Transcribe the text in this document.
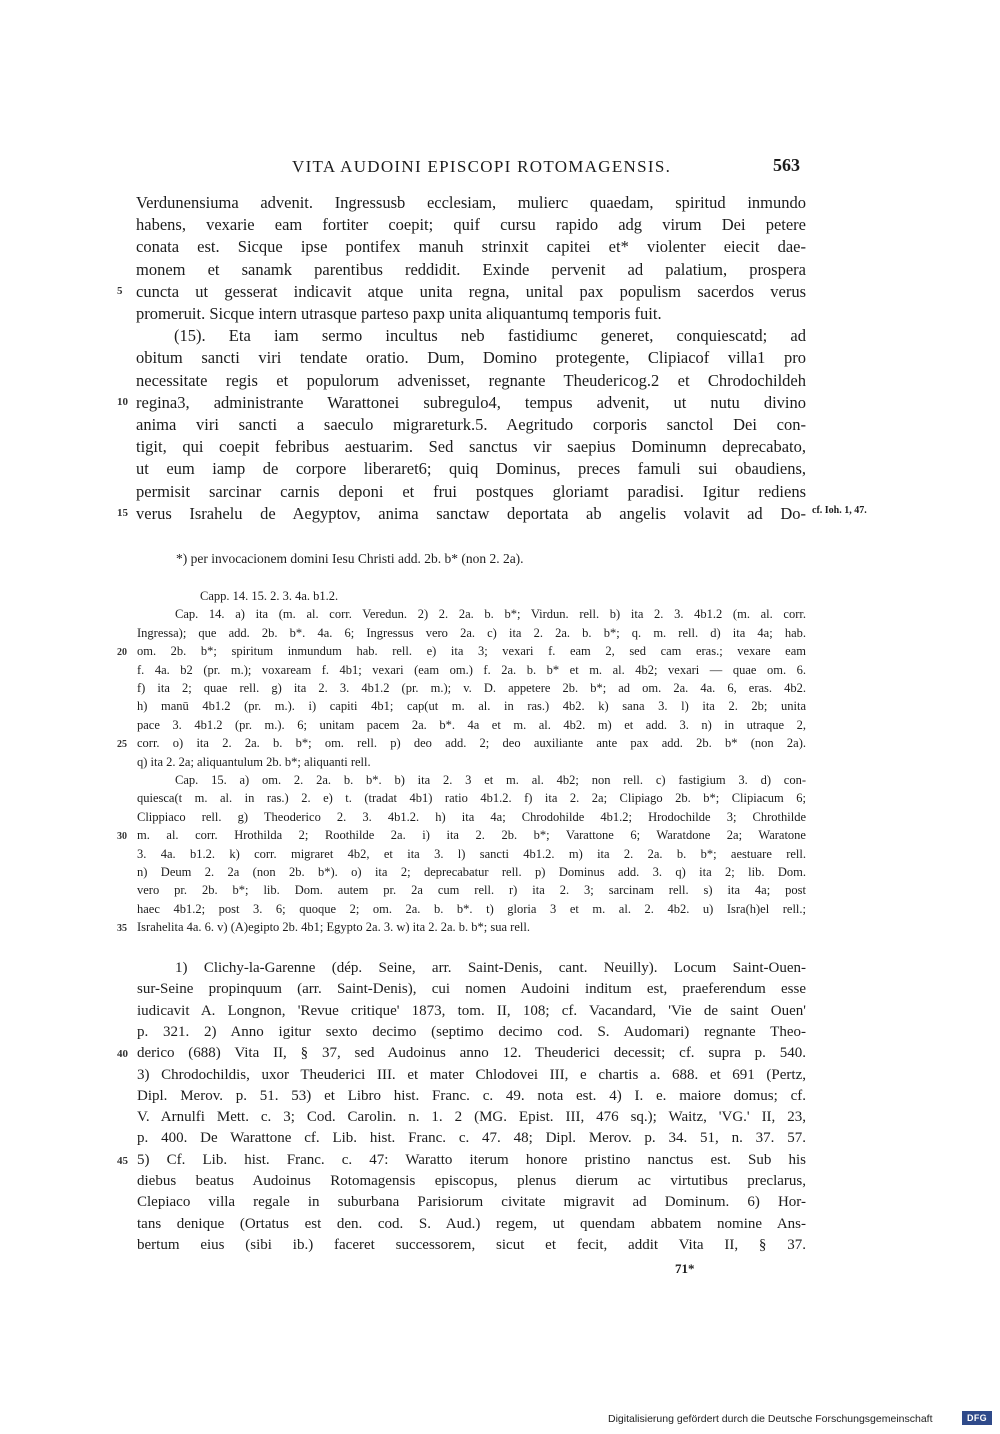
VITA AUDOINI EPISCOPI ROTOMAGENSIS.	563
Verdunensiuma advenit. Ingressusb ecclesiam, mulierc quaedam, spiritud inmundo
habens, vexarie eam fortiter coepit; quif cursu rapido adg virum Dei petere
conata est. Sicque ipse pontifex manuh strinxit capitei et* violenter eiecit dae-
monem et sanamk parentibus reddidit. Exinde pervenit ad palatium, prospera
cuncta ut gesserat indicavit atque unita regna, unital pax populism sacerdos verus
5
promeruit. Sicque intern utrasque parteso paxp unita aliquantumq temporis fuit.
(15). Eta iam sermo incultus neb fastidiumc generet, conquiescatd; ad
obitum sancti viri tendate oratio. Dum, Domino protegente, Clipiacof villa1 pro
necessitate regis et populorum advenisset, regnante Theudericog.2 et Chrodochildeh
regina3, administrante Warattonei subregulo4, tempus advenit, ut nutu divino
10
anima viri sancti a saeculo migrareturk.5. Aegritudo corporis sanctol Dei con-
tigit, qui coepit febribus aestuarim. Sed sanctus vir saepius Dominumn deprecabato,
ut eum iamp de corpore liberaret6; quiq Dominus, preces famuli sui obaudiens,
permisit sarcinar carnis deponi et frui postques gloriamt paradisi. Igitur rediens
verus Israhelu de Aegyptov, anima sanctaw deportata ab angelis volavit ad Do-
15	cf. Ioh. 1, 47.
*) per invocacionem domini Iesu Christi add. 2b. b* (non 2. 2a).
Capp. 14. 15. 2. 3. 4a. b1.2.
Cap. 14. a) ita (m. al. corr. Veredun. 2) 2. 2a. b. b*; Virdun. rell. b) ita 2. 3. 4b1.2 (m. al. corr.
Ingressa); que add. 2b. b*. 4a. 6; Ingressus vero 2a. c) ita 2. 2a. b. b*; q. m. rell. d) ita 4a; hab.
om. 2b. b*; spiritum inmundum hab. rell. e) ita 3; vexari f. eam 2, sed cam eras.; vexare eam
20
f. 4a. b2 (pr. m.); voxaream f. 4b1; vexari (eam om.) f. 2a. b. b* et m. al. 4b2; vexari — quae om. 6.
f) ita 2; quae rell. g) ita 2. 3. 4b1.2 (pr. m.); v. D. appetere 2b. b*; ad om. 2a. 4a. 6, eras. 4b2.
h) manū 4b1.2 (pr. m.). i) capiti 4b1; cap(ut m. al. in ras.) 4b2. k) sana 3. l) ita 2. 2b; unita
pace 3. 4b1.2 (pr. m.). 6; unitam pacem 2a. b*. 4a et m. al. 4b2. m) et add. 3. n) in utraque 2,
corr. o) ita 2. 2a. b. b*; om. rell. p) deo add. 2; deo auxiliante ante pax add. 2b. b* (non 2a).
25
q) ita 2. 2a; aliquantulum 2b. b*; aliquanti rell.
Cap. 15. a) om. 2. 2a. b. b*. b) ita 2. 3 et m. al. 4b2; non rell. c) fastigium 3. d) con-
quiesca(t m. al. in ras.) 2. e) t. (tradat 4b1) ratio 4b1.2. f) ita 2. 2a; Clipiago 2b. b*; Clipiacum 6;
Clippiaco rell. g) Theoderico 2. 3. 4b1.2. h) ita 4a; Chrodohilde 4b1.2; Hrodochilde 3; Chrothilde
m. al. corr. Hrothilda 2; Roothilde 2a. i) ita 2. 2b. b*; Varattone 6; Waratdone 2a; Waratone
30
3. 4a. b1.2. k) corr. migraret 4b2, et ita 3. l) sancti 4b1.2. m) ita 2. 2a. b. b*; aestuare rell.
n) Deum 2. 2a (non 2b. b*). o) ita 2; deprecabatur rell. p) Dominus add. 3. q) ita 2; lib. Dom.
vero pr. 2b. b*; lib. Dom. autem pr. 2a cum rell. r) ita 2. 3; sarcinam rell. s) ita 4a; post
haec 4b1.2; post 3. 6; quoque 2; om. 2a. b. b*. t) gloria 3 et m. al. 2. 4b2. u) Isra(h)el rell.;
Israhelita 4a. 6. v) (A)egipto 2b. 4b1; Egypto 2a. 3. w) ita 2. 2a. b. b*; sua rell.
35
1) Clichy-la-Garenne (dép. Seine, arr. Saint-Denis, cant. Neuilly). Locum Saint-Ouen-
sur-Seine propinquum (arr. Saint-Denis), cui nomen Audoini inditum est, praeferendum esse
iudicavit A. Longnon, 'Revue critique' 1873, tom. II, 108; cf. Vacandard, 'Vie de saint Ouen'
p. 321. 2) Anno igitur sexto decimo (septimo decimo cod. S. Audomari) regnante Theo-
derico (688) Vita II, § 37, sed Audoinus anno 12. Theuderici decessit; cf. supra p. 540.
40
3) Chrodochildis, uxor Theuderici III. et mater Chlodovei III, e chartis a. 688. et 691 (Pertz,
Dipl. Merov. p. 51. 53) et Libro hist. Franc. c. 49. nota est. 4) I. e. maiore domus; cf.
V. Arnulfi Mett. c. 3; Cod. Carolin. n. 1. 2 (MG. Epist. III, 476 sq.); Waitz, 'VG.' II, 23,
p. 400. De Warattone cf. Lib. hist. Franc. c. 47. 48; Dipl. Merov. p. 34. 51, n. 37. 57.
5) Cf. Lib. hist. Franc. c. 47: Waratto iterum honore pristino nanctus est. Sub his
45
diebus beatus Audoinus Rotomagensis episcopus, plenus dierum ac virtutibus preclarus,
Clepiaco villa regale in suburbana Parisiorum civitate migravit ad Dominum. 6) Hor-
tans denique (Ortatus est den. cod. S. Aud.) regem, ut quendam abbatem nomine Ans-
bertum eius (sibi ib.) faceret successorem, sicut et fecit, addit Vita II, § 37.
71*
Digitalisierung gefördert durch die Deutsche Forschungsgemeinschaft	DFG
